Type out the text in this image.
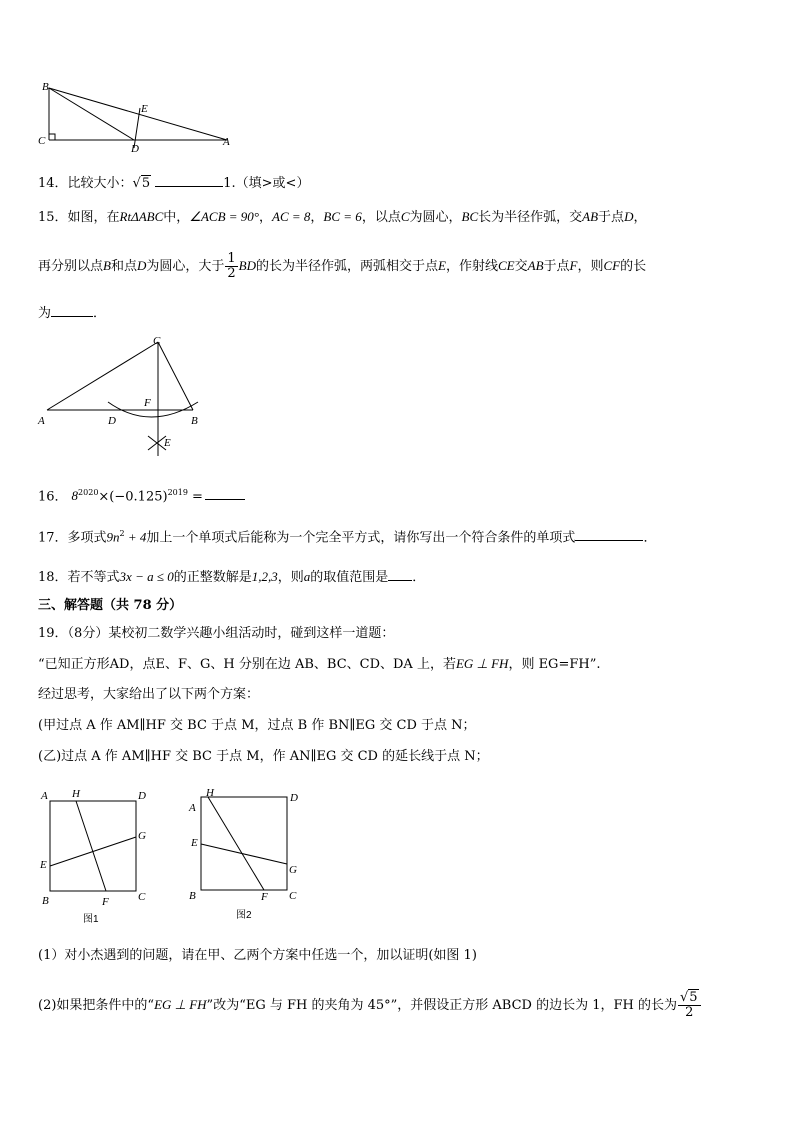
B
C
D
E
A
14．比较大小：√5	1.（填>或<）
15．如图，在RtΔABC中，∠ACB = 90°，AC = 8，BC = 6，以点C为圆心，BC长为半径作弧，交AB于点D，
再分别以点B和点D为圆心，大于 $\frac{1}{2}$ BD的长为半径作弧，两弧相交于点E，作射线CE交AB于点F，则CF的长
为	．
C
F
A	D	B
E
16． $8^{2020}\times(-0.125)^{2019}$ =
17．多项式$9n^2 + 4$加上一个单项式后能称为一个完全平方式，请你写出一个符合条件的单项式	．
18．若不等式3x − a ≤ 0的正整数解是1,2,3，则a的取值范围是 ．
三、解答题（共 78 分）
19．（8分）某校初二数学兴趣小组活动时，碰到这样一道题：
“已知正方形AD，点E、F、G、H 分别在边 AB、BC、CD、DA 上，若EG ⊥ FH，则 EG=FH”.
经过思考，大家给出了以下两个方案：
(甲过点 A 作 AM∥HF 交 BC 于点 M，过点 B 作 BN∥EG 交 CD 于点 N；
(乙)过点 A 作 AM∥HF 交 BC 于点 M，作 AN∥EG 交 CD 的延长线于点 N；
A H	D
G
E
B	F	C
图1
A
H	D
E
G
B	F C
图2
(1）对小杰遇到的问题，请在甲、乙两个方案中任选一个，加以证明(如图 1)
(2)如果把条件中的“EG ⊥ FH”改为“EG 与 FH 的夹角为 45°”，并假设正方形 ABCD 的边长为 1，FH 的长为 $\frac{√5}{2}$
